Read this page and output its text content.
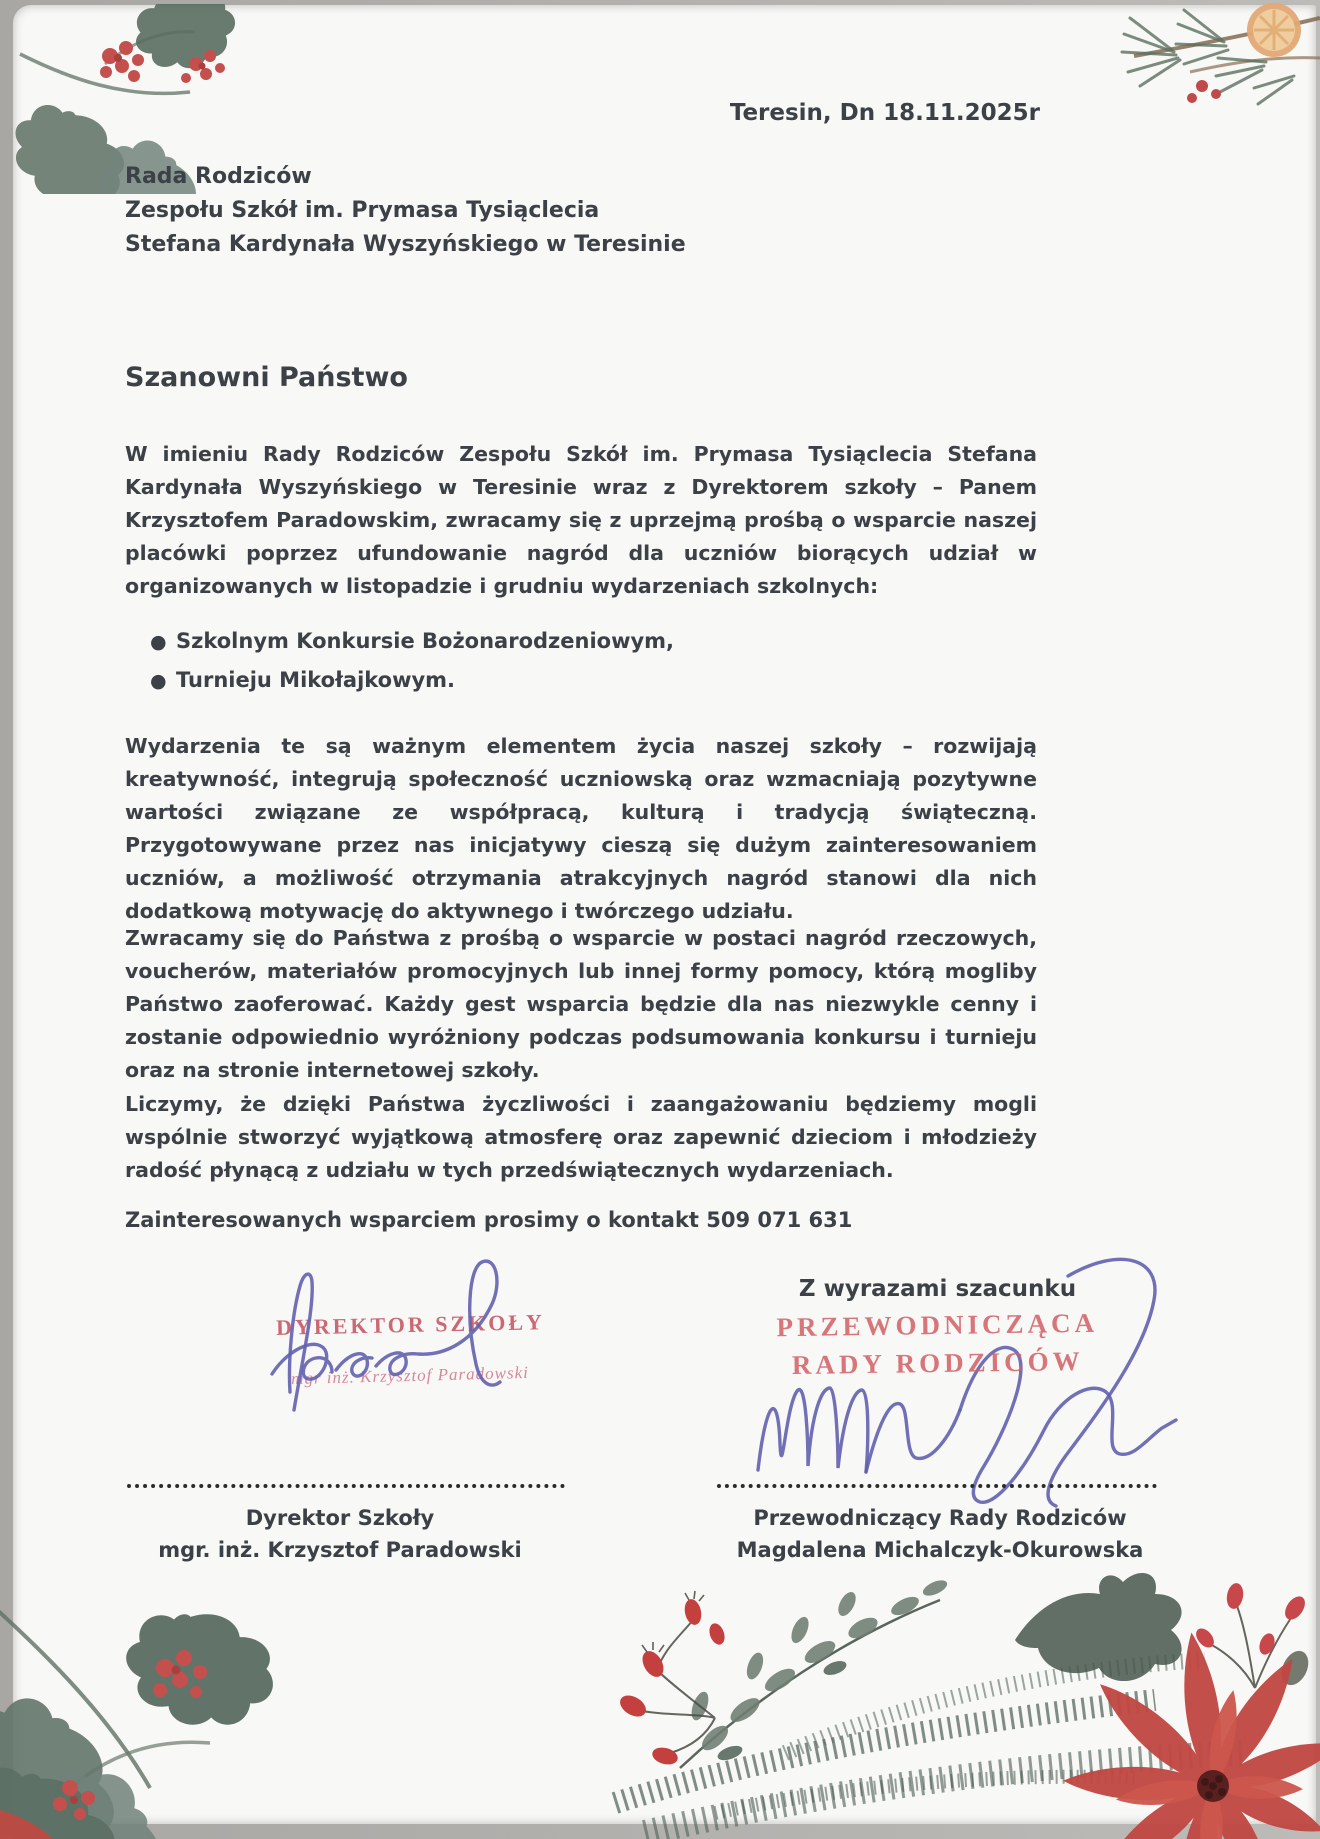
Teresin, Dn 18.11.2025r
Rada Rodziców
Zespołu Szkół im. Prymasa Tysiąclecia
Stefana Kardynała Wyszyńskiego w Teresinie
Szanowni Państwo
W imieniu Rady Rodziców Zespołu Szkół im. Prymasa Tysiąclecia Stefana Kardynała Wyszyńskiego w Teresinie wraz z Dyrektorem szkoły – Panem Krzysztofem Paradowskim, zwracamy się z uprzejmą prośbą o wsparcie naszej placówki poprzez ufundowanie nagród dla uczniów biorących udział w organizowanych w listopadzie i grudniu wydarzeniach szkolnych:
● Szkolnym Konkursie Bożonarodzeniowym,
● Turnieju Mikołajkowym.
Wydarzenia te są ważnym elementem życia naszej szkoły – rozwijają kreatywność, integrują społeczność uczniowską oraz wzmacniają pozytywne wartości związane ze współpracą, kulturą i tradycją świąteczną. Przygotowywane przez nas inicjatywy cieszą się dużym zainteresowaniem uczniów, a możliwość otrzymania atrakcyjnych nagród stanowi dla nich dodatkową motywację do aktywnego i twórczego udziału.
Zwracamy się do Państwa z prośbą o wsparcie w postaci nagród rzeczowych, voucherów, materiałów promocyjnych lub innej formy pomocy, którą mogliby Państwo zaoferować. Każdy gest wsparcia będzie dla nas niezwykle cenny i zostanie odpowiednio wyróżniony podczas podsumowania konkursu i turnieju oraz na stronie internetowej szkoły.
Liczymy, że dzięki Państwa życzliwości i zaangażowaniu będziemy mogli wspólnie stworzyć wyjątkową atmosferę oraz zapewnić dzieciom i młodzieży radość płynącą z udziału w tych przedświątecznych wydarzeniach.
Zainteresowanych wsparciem prosimy o kontakt 509 071 631
Z wyrazami szacunku
DYREKTOR SZKOŁY
mgr inż. Krzysztof Paradowski
PRZEWODNICZĄCA
RADY RODZICÓW
Dyrektor Szkoły
mgr. inż. Krzysztof Paradowski
Przewodniczący Rady Rodziców
Magdalena Michalczyk-Okurowska
